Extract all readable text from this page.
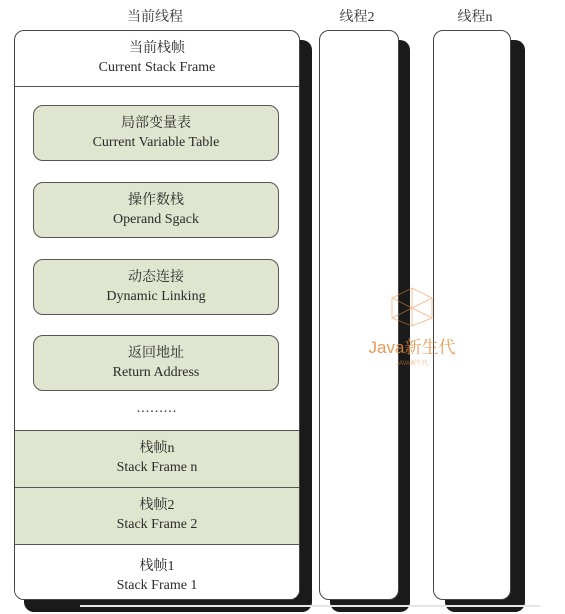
当前线程	线程2	线程n
当前栈帧
Current Stack Frame
局部变量表
Current Variable Table
操作数栈
Operand Sgack
动态连接
Dynamic Linking
返回地址
Return Address
.........
栈帧n
Stack Frame n
栈帧2
Stack Frame 2
栈帧1
Stack Frame 1
Java新生代
JAVA新生代
